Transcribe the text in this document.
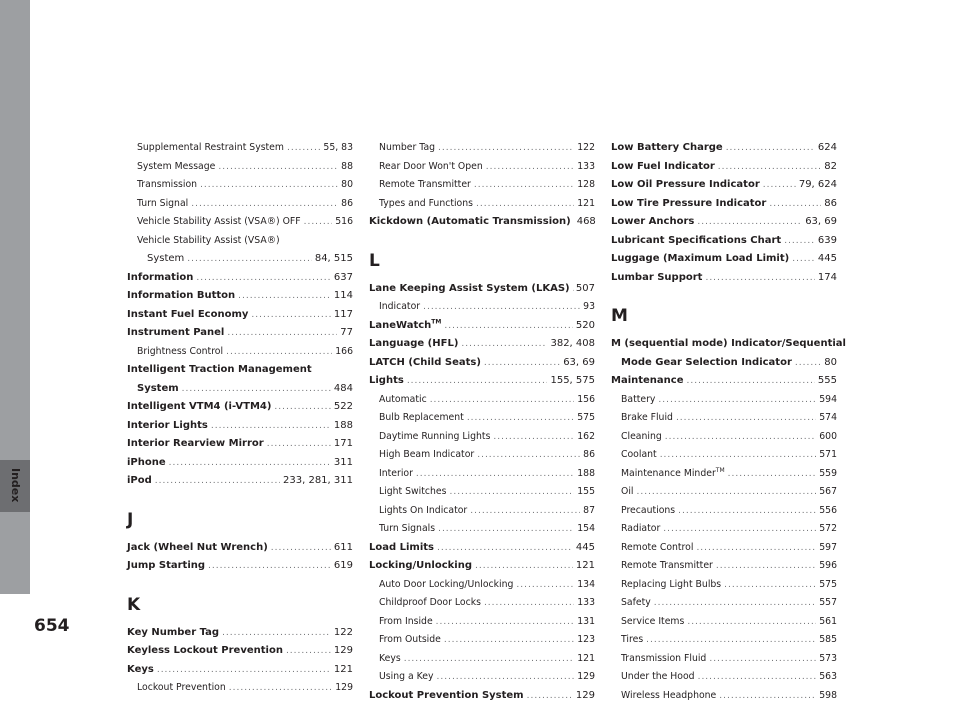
Index
654
Supplemental Restraint System .....	55, 83
System Message .....	88
Transmission .....	80
Turn Signal .....	86
Vehicle Stability Assist (VSA®) OFF .....	516
Vehicle Stability Assist (VSA®)
System .....	84, 515
Information .....	637
Information Button .....	114
Instant Fuel Economy .....	117
Instrument Panel .....	77
Brightness Control .....	166
Intelligent Traction Management
System .....	484
Intelligent VTM4 (i-VTM4) .....	522
Interior Lights .....	188
Interior Rearview Mirror .....	171
iPhone .....	311
iPod .....	233, 281, 311
J
Jack (Wheel Nut Wrench) .....	611
Jump Starting .....	619
K
Key Number Tag .....	122
Keyless Lockout Prevention .....	129
Keys .....	121
Lockout Prevention .....	129
Number Tag .....	122
Rear Door Won't Open .....	133
Remote Transmitter .....	128
Types and Functions .....	121
Kickdown (Automatic Transmission) 468
L
Lane Keeping Assist System (LKAS) ..... 507
Indicator .....	93
LaneWatch™ .....	520
Language (HFL) .....	382, 408
LATCH (Child Seats) .....	63, 69
Lights .....	155, 575
Automatic .....	156
Bulb Replacement .....	575
Daytime Running Lights .....	162
High Beam Indicator .....	86
Interior .....	188
Light Switches .....	155
Lights On Indicator .....	87
Turn Signals .....	154
Load Limits .....	445
Locking/Unlocking .....	121
Auto Door Locking/Unlocking .....	134
Childproof Door Locks .....	133
From Inside .....	131
From Outside .....	123
Keys .....	121
Using a Key .....	129
Lockout Prevention System .....	129
Low Battery Charge .....	624
Low Fuel Indicator .....	82
Low Oil Pressure Indicator .....	79, 624
Low Tire Pressure Indicator .....	86
Lower Anchors .....	63, 69
Lubricant Specifications Chart .....	639
Luggage (Maximum Load Limit) .....	445
Lumbar Support .....	174
M
M (sequential mode) Indicator/Sequential
Mode Gear Selection Indicator .....	80
Maintenance .....	555
Battery .....	594
Brake Fluid .....	574
Cleaning .....	600
Coolant .....	571
Maintenance Minder™ .....	559
Oil .....	567
Precautions .....	556
Radiator .....	572
Remote Control .....	597
Remote Transmitter .....	596
Replacing Light Bulbs .....	575
Safety .....	557
Service Items .....	561
Tires .....	585
Transmission Fluid .....	573
Under the Hood .....	563
Wireless Headphone .....	598
